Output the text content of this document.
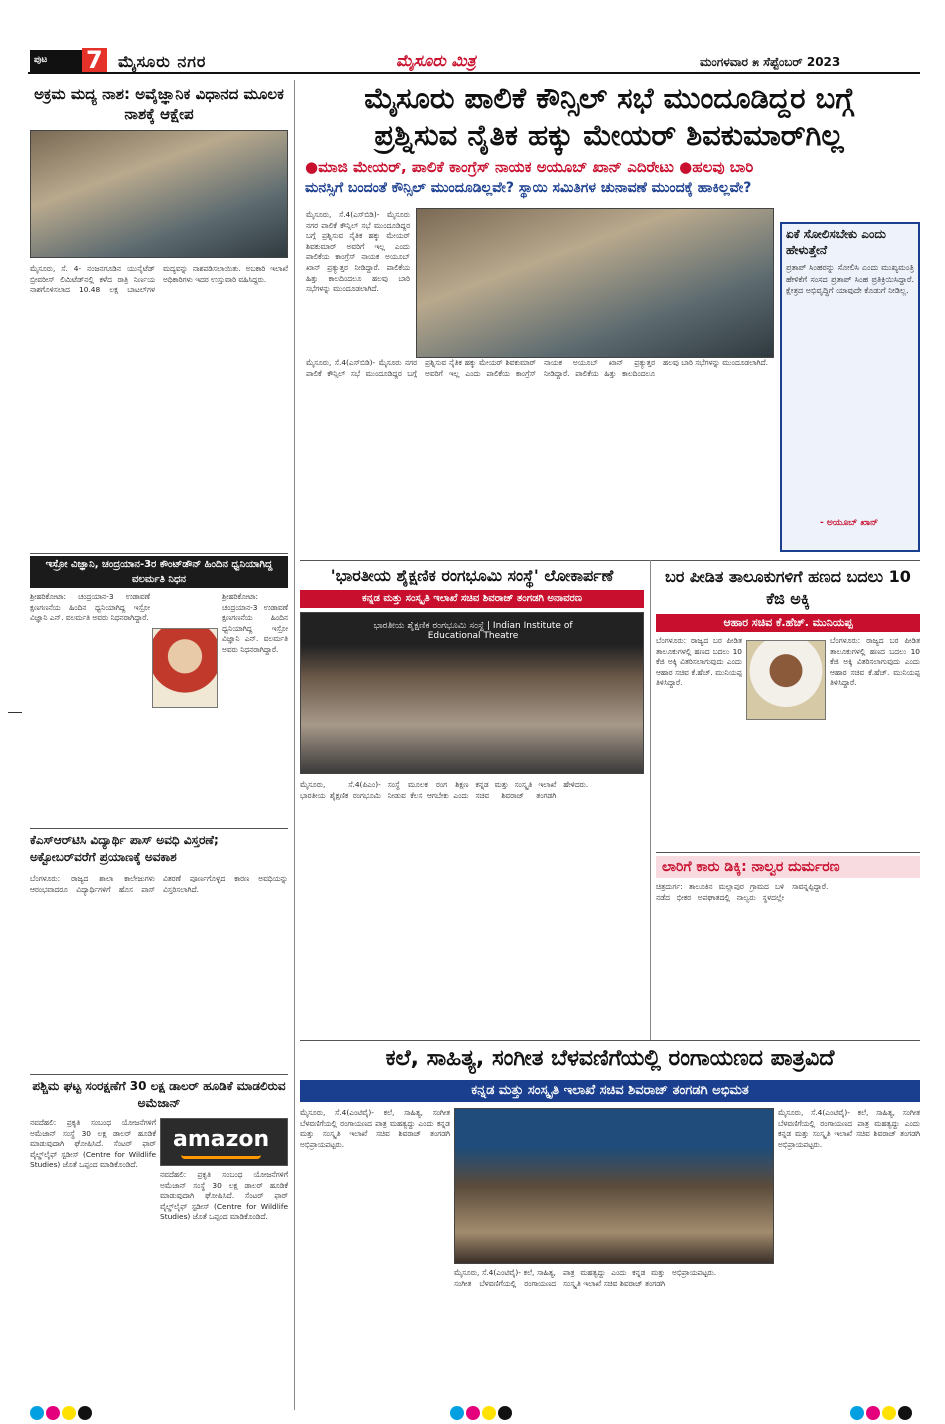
ಪುಟ 7 ಮೈಸೂರು ನಗರ	ಮೈಸೂರು ಮಿತ್ರ	ಮಂಗಳವಾರ ೫ ಸೆಪ್ಟೆಂಬರ್ 2023
ಮೈಸೂರು ಪಾಲಿಕೆ ಕೌನ್ಸಿಲ್ ಸಭೆ ಮುಂದೂಡಿದ್ದರ ಬಗ್ಗೆ
ಪ್ರಶ್ನಿಸುವ ನೈತಿಕ ಹಕ್ಕು ಮೇಯರ್ ಶಿವಕುಮಾರ್‌ಗಿಲ್ಲ
●ಮಾಜಿ ಮೇಯರ್, ಪಾಲಿಕೆ ಕಾಂಗ್ರೆಸ್ ನಾಯಕ ಅಯೂಬ್ ಖಾನ್ ಎದಿರೇಟು ●ಹಲವು ಬಾರಿ
ಮನಸ್ಸಿಗೆ ಬಂದಂತೆ ಕೌನ್ಸಿಲ್ ಮುಂದೂಡಿಲ್ಲವೇ? ಸ್ಥಾಯಿ ಸಮಿತಿಗಳ ಚುನಾವಣೆ ಮುಂದಕ್ಕೆ ಹಾಕಿಲ್ಲವೇ?
ಮೈಸೂರು, ಸೆ.4(ಎಸ್‌ಬಿಡಿ)- ಮೈಸೂರು ನಗರ ಪಾಲಿಕೆ ಕೌನ್ಸಿಲ್ ಸಭೆ ಮುಂದೂಡಿದ್ದರ ಬಗ್ಗೆ ಪ್ರಶ್ನಿಸುವ ನೈತಿಕ ಹಕ್ಕು ಮೇಯರ್ ಶಿವಕುಮಾರ್ ಅವರಿಗೆ ಇಲ್ಲ ಎಂದು ಪಾಲಿಕೆಯ ಕಾಂಗ್ರೆಸ್ ನಾಯಕ ಅಯೂಬ್ ಖಾನ್ ಪ್ರತ್ಯುತ್ತರ ನೀಡಿದ್ದಾರೆ. ಪಾಲಿಕೆಯ ಹಿತ್ತು ಕಾಲದಿಂದಲೂ ಹಲವು ಬಾರಿ ಸಭೆಗಳನ್ನು ಮುಂದೂಡಲಾಗಿದೆ.
ಮೈಸೂರು, ಸೆ.4(ಎಸ್‌ಬಿಡಿ)- ಮೈಸೂರು ನಗರ ಪಾಲಿಕೆ ಕೌನ್ಸಿಲ್ ಸಭೆ ಮುಂದೂಡಿದ್ದರ ಬಗ್ಗೆ ಪ್ರಶ್ನಿಸುವ ನೈತಿಕ ಹಕ್ಕು ಮೇಯರ್ ಶಿವಕುಮಾರ್ ಅವರಿಗೆ ಇಲ್ಲ ಎಂದು ಪಾಲಿಕೆಯ ಕಾಂಗ್ರೆಸ್ ನಾಯಕ ಅಯೂಬ್ ಖಾನ್ ಪ್ರತ್ಯುತ್ತರ ನೀಡಿದ್ದಾರೆ. ಪಾಲಿಕೆಯ ಹಿತ್ತು ಕಾಲದಿಂದಲೂ ಹಲವು ಬಾರಿ ಸಭೆಗಳನ್ನು ಮುಂದೂಡಲಾಗಿದೆ.
ಏಕೆ ಸೋಲಿಸಬೇಕು ಎಂದು ಹೇಳುತ್ತೇನೆ
ಪ್ರತಾಪ್ ಸಿಂಹರನ್ನು ಸೋಲಿಸಿ ಎಂದು ಮುಖ್ಯಮಂತ್ರಿ ಹೇಳಿಕೆಗೆ ಸಂಸದ ಪ್ರತಾಪ್ ಸಿಂಹ ಪ್ರತಿಕ್ರಿಯಿಸಿದ್ದಾರೆ. ಕ್ಷೇತ್ರದ ಅಭಿವೃದ್ಧಿಗೆ ಯಾವುದೇ ಕೊಡುಗೆ ನೀಡಿಲ್ಲ.
- ಅಯೂಬ್ ಖಾನ್
ಅಕ್ರಮ ಮದ್ಯ ನಾಶ: ಅವೈಜ್ಞಾನಿಕ ವಿಧಾನದ ಮೂಲಕ ನಾಶಕ್ಕೆ ಆಕ್ಷೇಪ
ಮೈಸೂರು, ಸೆ. 4- ನಂಜನಗೂಡಿನ ಯುನೈಟೆಡ್ ಬ್ರೀವರೀಸ್ ಲಿಮಿಟೆಡ್‌ನಲ್ಲಿ ಕಳೆದ ರಾತ್ರಿ ನಿರ್ಣಯ ನಾಶಗೊಳಿಸಲಾದ 10.48 ಲಕ್ಷ ಬಾಟಲ್‌ಗಳ ಮದ್ಯವನ್ನು ನಾಶಪಡಿಸಲಾಯಿತು. ಅಬಕಾರಿ ಇಲಾಖೆ ಅಧಿಕಾರಿಗಳು ಇದರ ಉಸ್ತುವಾರಿ ವಹಿಸಿದ್ದರು.
ಇಸ್ರೋ ವಿಜ್ಞಾನಿ, ಚಂದ್ರಯಾನ-3ರ ಕೌಂಟ್‌ಡೌನ್ ಹಿಂದಿನ ಧ್ವನಿಯಾಗಿದ್ದ ವಲರ್ಮತಿ ನಿಧನ
ಶ್ರೀಹರಿಕೋಟಾ: ಚಂದ್ರಯಾನ-3 ಉಡಾವಣೆ ಕ್ಷಣಗಣನೆಯ ಹಿಂದಿನ ಧ್ವನಿಯಾಗಿದ್ದ ಇಸ್ರೋ ವಿಜ್ಞಾನಿ ಎನ್. ವಲರ್ಮತಿ ಅವರು ನಿಧನರಾಗಿದ್ದಾರೆ.
ಶ್ರೀಹರಿಕೋಟಾ: ಚಂದ್ರಯಾನ-3 ಉಡಾವಣೆ ಕ್ಷಣಗಣನೆಯ ಹಿಂದಿನ ಧ್ವನಿಯಾಗಿದ್ದ ಇಸ್ರೋ ವಿಜ್ಞಾನಿ ಎನ್. ವಲರ್ಮತಿ ಅವರು ನಿಧನರಾಗಿದ್ದಾರೆ.
ಕೆಎಸ್‌ಆರ್‌ಟಿಸಿ ವಿದ್ಯಾರ್ಥಿ ಪಾಸ್ ಅವಧಿ ವಿಸ್ತರಣೆ; ಅಕ್ಟೋಬರ್‌ವರೆಗೆ ಪ್ರಯಾಣಕ್ಕೆ ಅವಕಾಶ
ಬೆಂಗಳೂರು: ರಾಜ್ಯದ ಶಾಲಾ ಕಾಲೇಜುಗಳು ಆರಂಭವಾದರೂ ವಿದ್ಯಾರ್ಥಿಗಳಿಗೆ ಹೊಸ ಪಾಸ್ ವಿತರಣೆ ಪೂರ್ಣಗೊಳ್ಳದ ಕಾರಣ ಅವಧಿಯನ್ನು ವಿಸ್ತರಿಸಲಾಗಿದೆ.
ಪಶ್ಚಿಮ ಘಟ್ಟ ಸಂರಕ್ಷಣೆಗೆ 30 ಲಕ್ಷ ಡಾಲರ್ ಹೂಡಿಕೆ ಮಾಡಲಿರುವ ಅಮೆಜಾನ್
ನವದೆಹಲಿ: ಪ್ರಕೃತಿ ಸಂಬಂಧ ಯೋಜನೆಗಳಿಗೆ ಅಮೆಜಾನ್ ಸಂಸ್ಥೆ 30 ಲಕ್ಷ ಡಾಲರ್ ಹೂಡಿಕೆ ಮಾಡುವುದಾಗಿ ಘೋಷಿಸಿದೆ. ಸೆಂಟರ್ ಫಾರ್ ವೈಲ್ಡ್‌ಲೈಫ್ ಸ್ಟಡೀಸ್ (Centre for Wildlife Studies) ಜೊತೆ ಒಪ್ಪಂದ ಮಾಡಿಕೊಂಡಿದೆ.
amazon
ನವದೆಹಲಿ: ಪ್ರಕೃತಿ ಸಂಬಂಧ ಯೋಜನೆಗಳಿಗೆ ಅಮೆಜಾನ್ ಸಂಸ್ಥೆ 30 ಲಕ್ಷ ಡಾಲರ್ ಹೂಡಿಕೆ ಮಾಡುವುದಾಗಿ ಘೋಷಿಸಿದೆ. ಸೆಂಟರ್ ಫಾರ್ ವೈಲ್ಡ್‌ಲೈಫ್ ಸ್ಟಡೀಸ್ (Centre for Wildlife Studies) ಜೊತೆ ಒಪ್ಪಂದ ಮಾಡಿಕೊಂಡಿದೆ.
'ಭಾರತೀಯ ಶೈಕ್ಷಣಿಕ ರಂಗಭೂಮಿ ಸಂಸ್ಥೆ' ಲೋಕಾರ್ಪಣೆ
ಕನ್ನಡ ಮತ್ತು ಸಂಸ್ಕೃತಿ ಇಲಾಖೆ ಸಚಿವ ಶಿವರಾಜ್ ತಂಗಡಗಿ ಅನಾವರಣ
ಭಾರತೀಯ ಶೈಕ್ಷಣಿಕ ರಂಗಭೂಮಿ ಸಂಸ್ಥೆ | Indian Institute of Educational Theatre
ಮೈಸೂರು, ಸೆ.4(ಪಿಎಂ)- ಭಾರತೀಯ ಶೈಕ್ಷಣಿಕ ರಂಗಭೂಮಿ ಸಂಸ್ಥೆ ಮೂಲಕ ರಂಗ ಶಿಕ್ಷಣ ನೀಡುವ ಕೆಲಸ ಆಗಬೇಕು ಎಂದು ಕನ್ನಡ ಮತ್ತು ಸಂಸ್ಕೃತಿ ಇಲಾಖೆ ಸಚಿವ ಶಿವರಾಜ್ ತಂಗಡಗಿ ಹೇಳಿದರು.
ಬರ ಪೀಡಿತ ತಾಲೂಕುಗಳಿಗೆ ಹಣದ ಬದಲು 10 ಕೆಜಿ ಅಕ್ಕಿ
ಆಹಾರ ಸಚಿವ ಕೆ.ಹೆಚ್. ಮುನಿಯಪ್ಪ
ಬೆಂಗಳೂರು: ರಾಜ್ಯದ ಬರ ಪೀಡಿತ ತಾಲೂಕುಗಳಲ್ಲಿ ಹಣದ ಬದಲು 10 ಕೆಜಿ ಅಕ್ಕಿ ವಿತರಿಸಲಾಗುವುದು ಎಂದು ಆಹಾರ ಸಚಿವ ಕೆ.ಹೆಚ್. ಮುನಿಯಪ್ಪ ತಿಳಿಸಿದ್ದಾರೆ.
ಬೆಂಗಳೂರು: ರಾಜ್ಯದ ಬರ ಪೀಡಿತ ತಾಲೂಕುಗಳಲ್ಲಿ ಹಣದ ಬದಲು 10 ಕೆಜಿ ಅಕ್ಕಿ ವಿತರಿಸಲಾಗುವುದು ಎಂದು ಆಹಾರ ಸಚಿವ ಕೆ.ಹೆಚ್. ಮುನಿಯಪ್ಪ ತಿಳಿಸಿದ್ದಾರೆ.
ಲಾರಿಗೆ ಕಾರು ಡಿಕ್ಕಿ: ನಾಲ್ವರ ದುರ್ಮರಣ
ಚಿತ್ರದುರ್ಗ: ತಾಲೂಕಿನ ಮಲ್ಲಾಪುರ ಗ್ರಾಮದ ಬಳಿ ನಡೆದ ಭೀಕರ ಅಪಘಾತದಲ್ಲಿ ನಾಲ್ವರು ಸ್ಥಳದಲ್ಲೇ ಸಾವನ್ನಪ್ಪಿದ್ದಾರೆ.
ಕಲೆ, ಸಾಹಿತ್ಯ, ಸಂಗೀತ ಬೆಳವಣಿಗೆಯಲ್ಲಿ ರಂಗಾಯಣದ ಪಾತ್ರವಿದೆ
ಕನ್ನಡ ಮತ್ತು ಸಂಸ್ಕೃತಿ ಇಲಾಖೆ ಸಚಿವ ಶಿವರಾಜ್ ತಂಗಡಗಿ ಅಭಿಮತ
ಮೈಸೂರು, ಸೆ.4(ಎಂಟಿವೈ)- ಕಲೆ, ಸಾಹಿತ್ಯ, ಸಂಗೀತ ಬೆಳವಣಿಗೆಯಲ್ಲಿ ರಂಗಾಯಣದ ಪಾತ್ರ ಮಹತ್ವದ್ದು ಎಂದು ಕನ್ನಡ ಮತ್ತು ಸಂಸ್ಕೃತಿ ಇಲಾಖೆ ಸಚಿವ ಶಿವರಾಜ್ ತಂಗಡಗಿ ಅಭಿಪ್ರಾಯಪಟ್ಟರು.
ಮೈಸೂರು, ಸೆ.4(ಎಂಟಿವೈ)- ಕಲೆ, ಸಾಹಿತ್ಯ, ಸಂಗೀತ ಬೆಳವಣಿಗೆಯಲ್ಲಿ ರಂಗಾಯಣದ ಪಾತ್ರ ಮಹತ್ವದ್ದು ಎಂದು ಕನ್ನಡ ಮತ್ತು ಸಂಸ್ಕೃತಿ ಇಲಾಖೆ ಸಚಿವ ಶಿವರಾಜ್ ತಂಗಡಗಿ ಅಭಿಪ್ರಾಯಪಟ್ಟರು.
ಮೈಸೂರು, ಸೆ.4(ಎಂಟಿವೈ)- ಕಲೆ, ಸಾಹಿತ್ಯ, ಸಂಗೀತ ಬೆಳವಣಿಗೆಯಲ್ಲಿ ರಂಗಾಯಣದ ಪಾತ್ರ ಮಹತ್ವದ್ದು ಎಂದು ಕನ್ನಡ ಮತ್ತು ಸಂಸ್ಕೃತಿ ಇಲಾಖೆ ಸಚಿವ ಶಿವರಾಜ್ ತಂಗಡಗಿ ಅಭಿಪ್ರಾಯಪಟ್ಟರು.
